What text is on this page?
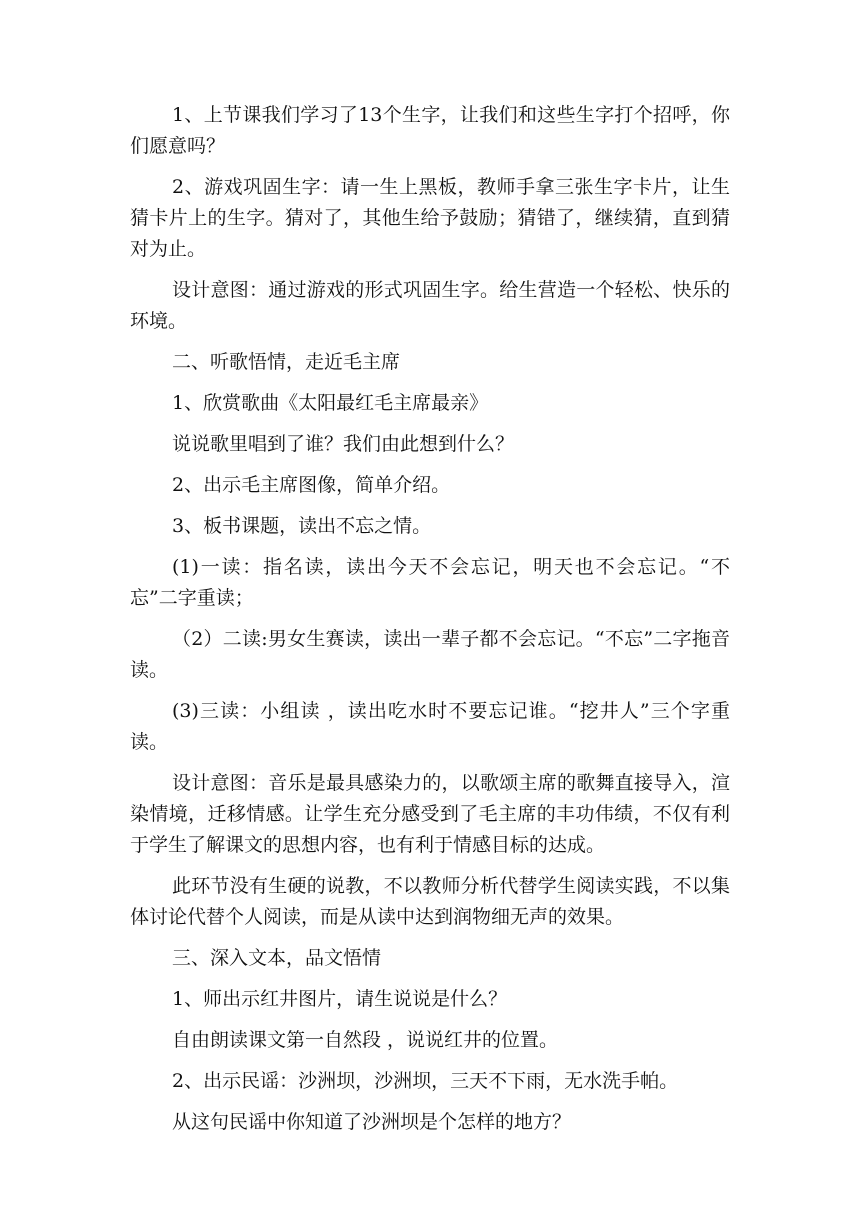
1、上节课我们学习了13个生字，让我们和这些生字打个招呼，你们愿意吗？

2、游戏巩固生字：请一生上黑板，教师手拿三张生字卡片，让生猜卡片上的生字。猜对了，其他生给予鼓励；猜错了，继续猜，直到猜对为止。

设计意图：通过游戏的形式巩固生字。给生营造一个轻松、快乐的环境。

二、听歌悟情，走近毛主席

1、欣赏歌曲《太阳最红毛主席最亲》

说说歌里唱到了谁？我们由此想到什么？

2、出示毛主席图像，简单介绍。

3、板书课题，读出不忘之情。

(1)一读：指名读，读出今天不会忘记，明天也不会忘记。“不忘”二字重读；

（2）二读:男女生赛读，读出一辈子都不会忘记。“不忘”二字拖音读。

(3)三读：小组读 ，读出吃水时不要忘记谁。“挖井人”三个字重读。

设计意图：音乐是最具感染力的，以歌颂主席的歌舞直接导入，渲染情境，迁移情感。让学生充分感受到了毛主席的丰功伟绩，不仅有利于学生了解课文的思想内容，也有利于情感目标的达成。

此环节没有生硬的说教，不以教师分析代替学生阅读实践，不以集体讨论代替个人阅读，而是从读中达到润物细无声的效果。

三、深入文本，品文悟情

1、师出示红井图片，请生说说是什么？

自由朗读课文第一自然段 ，说说红井的位置。

2、出示民谣：沙洲坝，沙洲坝，三天不下雨，无水洗手帕。

从这句民谣中你知道了沙洲坝是个怎样的地方？
